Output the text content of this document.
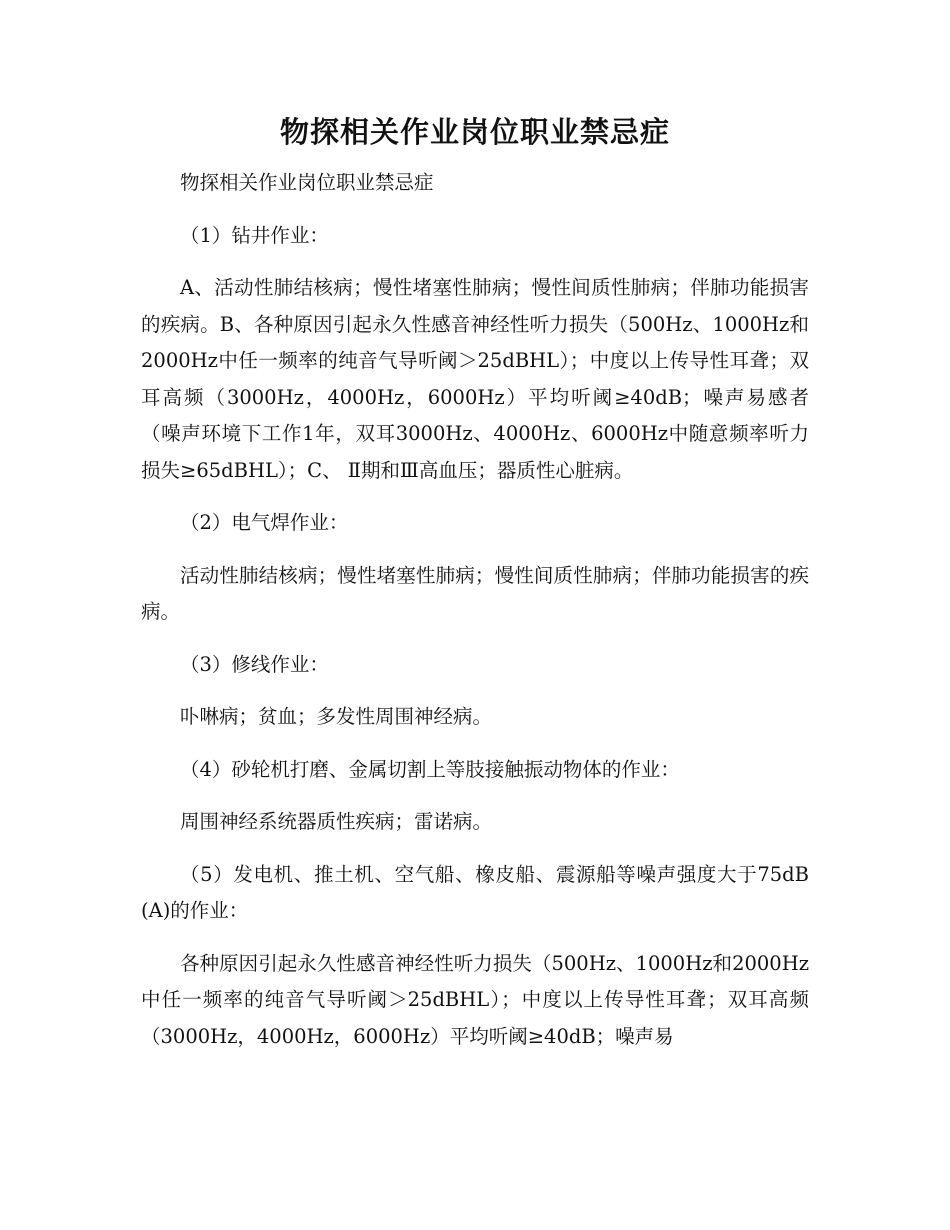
物探相关作业岗位职业禁忌症

物探相关作业岗位职业禁忌症

（1）钻井作业：

A、活动性肺结核病；慢性堵塞性肺病；慢性间质性肺病；伴肺功能损害的疾病。B、各种原因引起永久性感音神经性听力损失（500Hz、1000Hz和2000Hz中任一频率的纯音气导听阈＞25dBHL）；中度以上传导性耳聋；双耳高频（3000Hz，4000Hz，6000Hz）平均听阈≥40dB；噪声易感者（噪声环境下工作1年，双耳3000Hz、4000Hz、6000Hz中随意频率听力损失≥65dBHL）；C、 Ⅱ期和Ⅲ高血压；器质性心脏病。

（2）电气焊作业：

活动性肺结核病；慢性堵塞性肺病；慢性间质性肺病；伴肺功能损害的疾病。

（3）修线作业：

卟啉病；贫血；多发性周围神经病。

（4）砂轮机打磨、金属切割上等肢接触振动物体的作业：

周围神经系统器质性疾病；雷诺病。

（5）发电机、推土机、空气船、橡皮船、震源船等噪声强度大于75dB(A)的作业：

各种原因引起永久性感音神经性听力损失（500Hz、1000Hz和2000Hz中任一频率的纯音气导听阈＞25dBHL）；中度以上传导性耳聋；双耳高频（3000Hz，4000Hz，6000Hz）平均听阈≥40dB；噪声易
